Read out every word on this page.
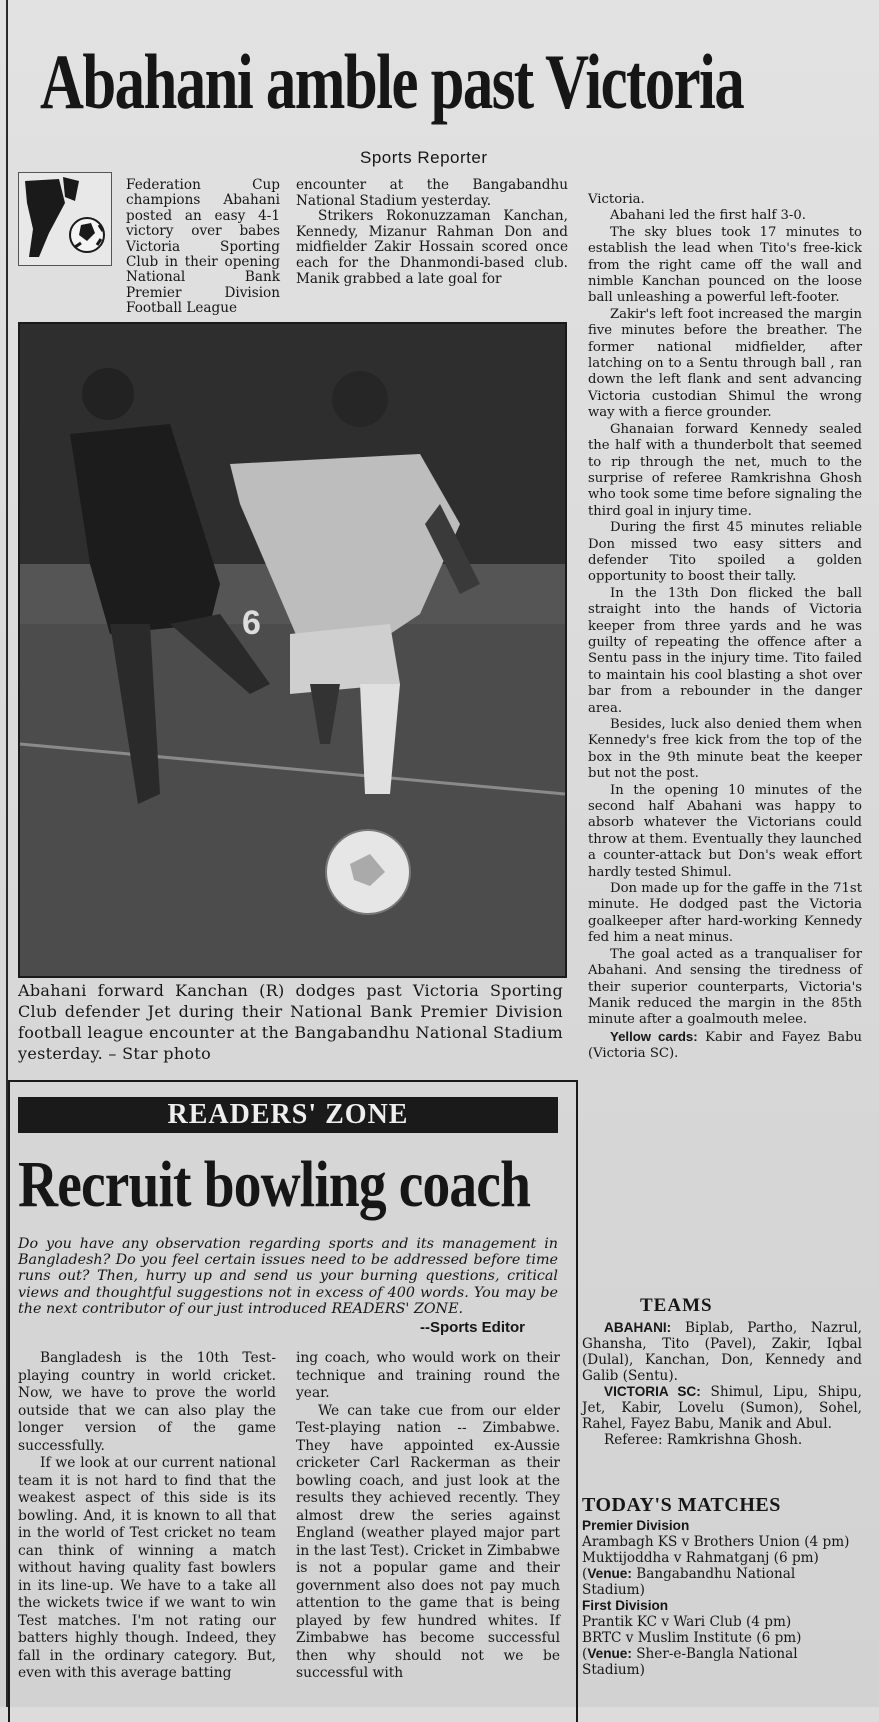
Abahani amble past Victoria
Sports Reporter

Federation Cup champions Abahani posted an easy 4-1 victory over babes Victoria Sporting Club in their opening National Bank Premier Division Football League

encounter at the Bangabandhu National Stadium yesterday.

Strikers Rokonuzzaman Kanchan, Kennedy, Mizanur Rahman Don and midfielder Zakir Hossain scored once each for the Dhanmondi-based club. Manik grabbed a late goal for

6
Abahani forward Kanchan (R) dodges past Victoria Sporting Club defender Jet during their National Bank Premier Division football league encounter at the Bangabandhu National Stadium yesterday. – Star photo

Victoria.

Abahani led the first half 3-0.

The sky blues took 17 minutes to establish the lead when Tito's free-kick from the right came off the wall and nimble Kanchan pounced on the loose ball unleashing a powerful left-footer.

Zakir's left foot increased the margin five minutes before the breather. The former national midfielder, after latching on to a Sentu through ball , ran down the left flank and sent advancing Victoria custodian Shimul the wrong way with a fierce grounder.

Ghanaian forward Kennedy sealed the half with a thunderbolt that seemed to rip through the net, much to the surprise of referee Ramkrishna Ghosh who took some time before signaling the third goal in injury time.

During the first 45 minutes reliable Don missed two easy sitters and defender Tito spoiled a golden opportunity to boost their tally.

In the 13th Don flicked the ball straight into the hands of Victoria keeper from three yards and he was guilty of repeating the offence after a Sentu pass in the injury time. Tito failed to maintain his cool blasting a shot over bar from a rebounder in the danger area.

Besides, luck also denied them when Kennedy's free kick from the top of the box in the 9th minute beat the keeper but not the post.

In the opening 10 minutes of the second half Abahani was happy to absorb whatever the Victorians could throw at them. Eventually they launched a counter-attack but Don's weak effort hardly tested Shimul.

Don made up for the gaffe in the 71st minute. He dodged past the Victoria goalkeeper after hard-working Kennedy fed him a neat minus.

The goal acted as a tranqualiser for Abahani. And sensing the tiredness of their superior counterparts, Victoria's Manik reduced the margin in the 85th minute after a goalmouth melee.

Yellow cards: Kabir and Fayez Babu (Victoria SC).

TEAMS

ABAHANI: Biplab, Partho, Nazrul, Ghansha, Tito (Pavel), Zakir, Iqbal (Dulal), Kanchan, Don, Kennedy and Galib (Sentu).

VICTORIA SC: Shimul, Lipu, Shipu, Jet, Kabir, Lovelu (Sumon), Sohel, Rahel, Fayez Babu, Manik and Abul.

Referee: Ramkrishna Ghosh.

TODAY'S MATCHES
Premier Division
Arambagh KS v Brothers Union (4 pm)
Muktijoddha v Rahmatganj (6 pm)
(Venue: Bangabandhu National Stadium)
First Division
Prantik KC v Wari Club (4 pm)
BRTC v Muslim Institute (6 pm)
(Venue: Sher-e-Bangla National Stadium)
READERS' ZONE
Recruit bowling coach
Do you have any observation regarding sports and its management in Bangladesh? Do you feel certain issues need to be addressed before time runs out? Then, hurry up and send us your burning questions, critical views and thoughtful suggestions not in excess of 400 words. You may be the next contributor of our just introduced READERS' ZONE.
--Sports Editor

Bangladesh is the 10th Test-playing country in world cricket. Now, we have to prove the world outside that we can also play the longer version of the game successfully.

If we look at our current national team it is not hard to find that the weakest aspect of this side is its bowling. And, it is known to all that in the world of Test cricket no team can think of winning a match without having quality fast bowlers in its line-up. We have to a take all the wickets twice if we want to win Test matches. I'm not rating our batters highly though. Indeed, they fall in the ordinary category. But, even with this average batting

ing coach, who would work on their technique and training round the year.

We can take cue from our elder Test-playing nation -- Zimbabwe. They have appointed ex-Aussie cricketer Carl Rackerman as their bowling coach, and just look at the results they achieved recently. They almost drew the series against England (weather played major part in the last Test). Cricket in Zimbabwe is not a popular game and their government also does not pay much attention to the game that is being played by few hundred whites. If Zimbabwe has become successful then why should not we be successful with
